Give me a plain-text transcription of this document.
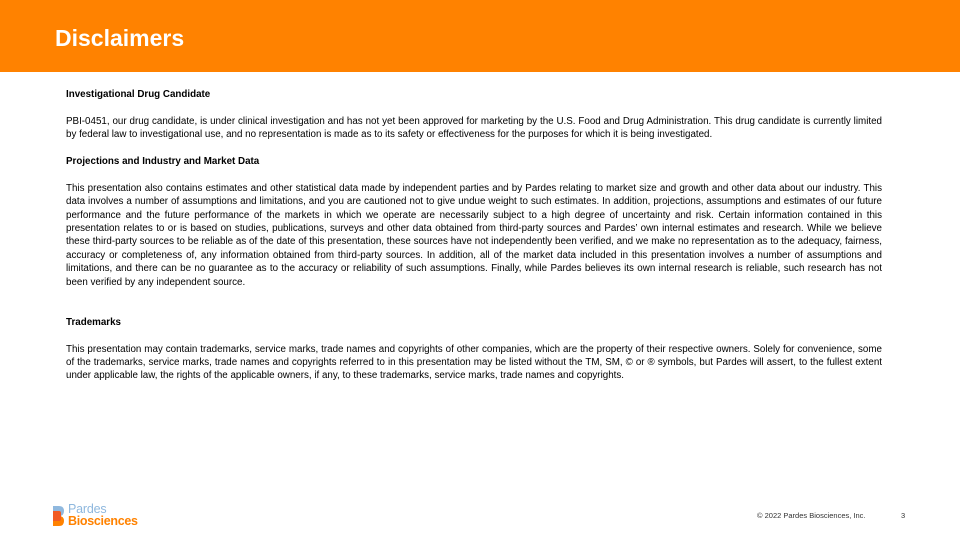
Disclaimers

Investigational Drug Candidate

PBI-0451, our drug candidate, is under clinical investigation and has not yet been approved for marketing by the U.S. Food and Drug Administration. This drug candidate is currently limited by federal law to investigational use, and no representation is made as to its safety or effectiveness for the purposes for which it is being investigated.

Projections and Industry and Market Data

This presentation also contains estimates and other statistical data made by independent parties and by Pardes relating to market size and growth and other data about our industry. This data involves a number of assumptions and limitations, and you are cautioned not to give undue weight to such estimates. In addition, projections, assumptions and estimates of our future performance and the future performance of the markets in which we operate are necessarily subject to a high degree of uncertainty and risk. Certain information contained in this presentation relates to or is based on studies, publications, surveys and other data obtained from third-party sources and Pardes’ own internal estimates and research. While we believe these third-party sources to be reliable as of the date of this presentation, these sources have not independently been verified, and we make no representation as to the adequacy, fairness, accuracy or completeness of, any information obtained from third-party sources. In addition, all of the market data included in this presentation involves a number of assumptions and limitations, and there can be no guarantee as to the accuracy or reliability of such assumptions. Finally, while Pardes believes its own internal research is reliable, such research has not been verified by any independent source.

Trademarks

This presentation may contain trademarks, service marks, trade names and copyrights of other companies, which are the property of their respective owners. Solely for convenience, some of the trademarks, service marks, trade names and copyrights referred to in this presentation may be listed without the TM, SM, © or ® symbols, but Pardes will assert, to the fullest extent under applicable law, the rights of the applicable owners, if any, to these trademarks, service marks, trade names and copyrights.

Pardes
Biosciences	© 2022 Pardes Biosciences, Inc.	3
